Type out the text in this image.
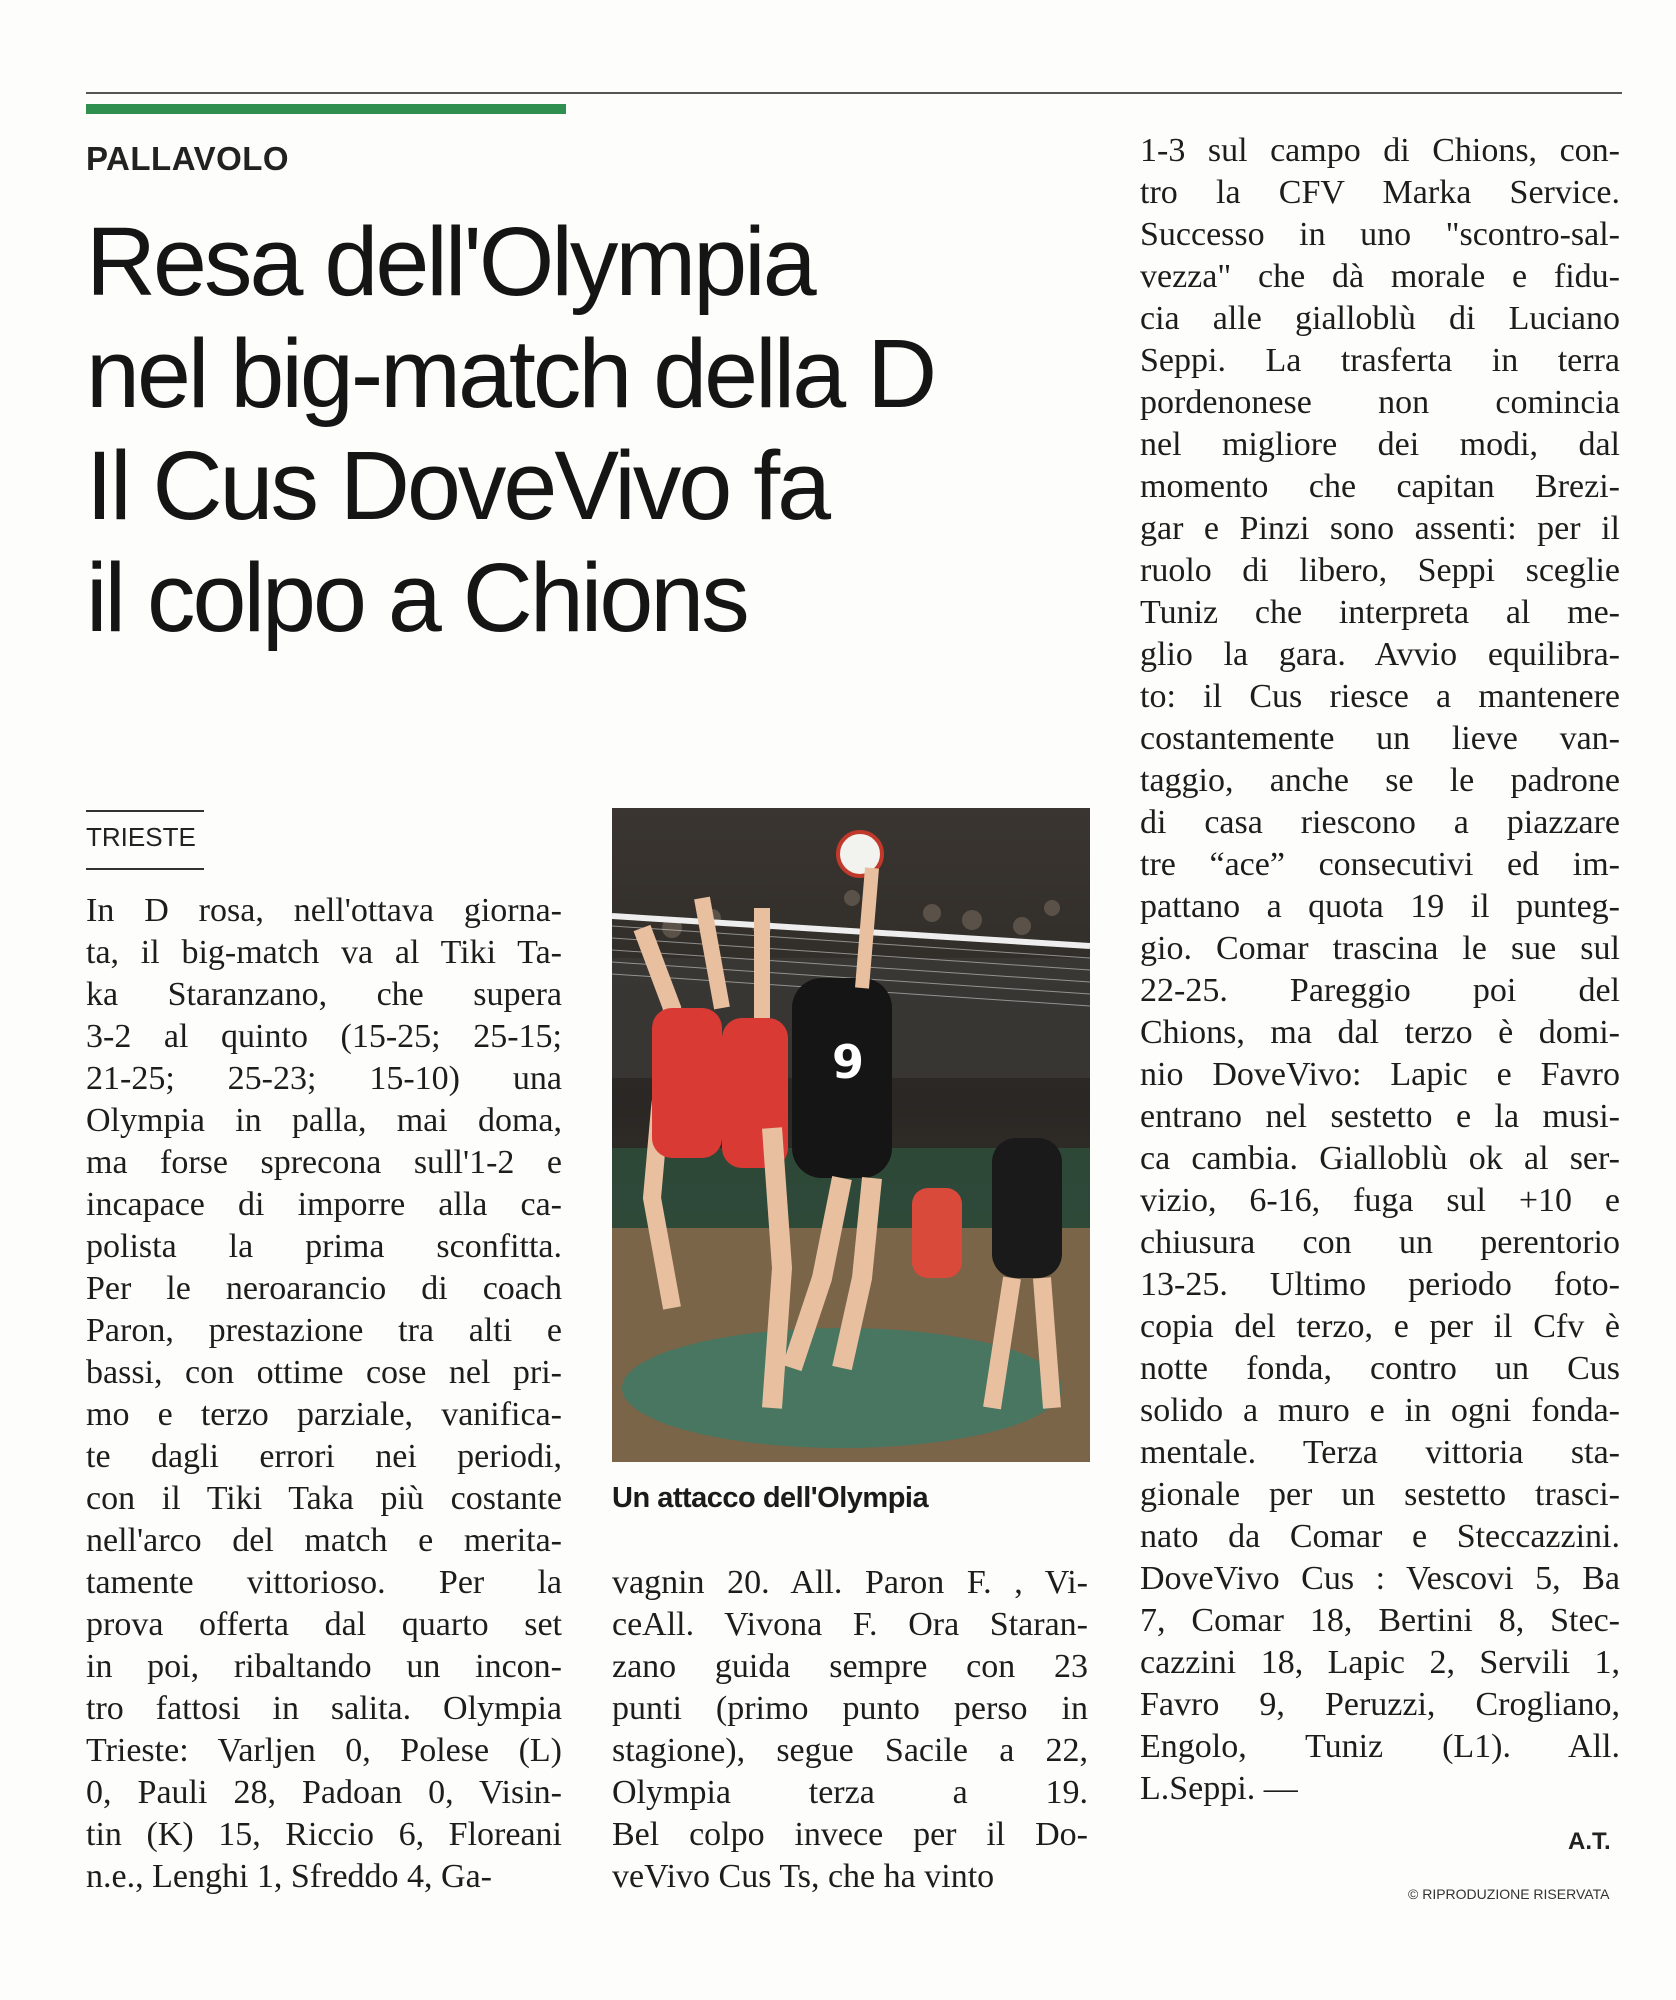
PALLAVOLO
Resa dell'Olympia
nel big-match della D
Il Cus DoveVivo fa
il colpo a Chions
TRIESTE
In D rosa, nell'ottava giorna-
ta, il big-match va al Tiki Ta-
ka Staranzano, che supera
3-2 al quinto (15-25; 25-15;
21-25; 25-23; 15-10) una
Olympia in palla, mai doma,
ma forse sprecona sull'1-2 e
incapace di imporre alla ca-
polista la prima sconfitta.
Per le neroarancio di coach
Paron, prestazione tra alti e
bassi, con ottime cose nel pri-
mo e terzo parziale, vanifica-
te dagli errori nei periodi,
con il Tiki Taka più costante
nell'arco del match e merita-
tamente vittorioso. Per la
prova offerta dal quarto set
in poi, ribaltando un incon-
tro fattosi in salita. Olympia
Trieste: Varljen 0, Polese (L)
0, Pauli 28, Padoan 0, Visin-
tin (K) 15, Riccio 6, Floreani
n.e., Lenghi 1, Sfreddo 4, Ga-
9
Un attacco dell'Olympia
vagnin 20. All. Paron F. , Vi-
ceAll. Vivona F. Ora Staran-
zano guida sempre con 23
punti (primo punto perso in
stagione), segue Sacile a 22,
Olympia terza a 19.
Bel colpo invece per il Do-
veVivo Cus Ts, che ha vinto
1-3 sul campo di Chions, con-
tro la CFV Marka Service.
Successo in uno "scontro-sal-
vezza" che dà morale e fidu-
cia alle gialloblù di Luciano
Seppi. La trasferta in terra
pordenonese non comincia
nel migliore dei modi, dal
momento che capitan Brezi-
gar e Pinzi sono assenti: per il
ruolo di libero, Seppi sceglie
Tuniz che interpreta al me-
glio la gara. Avvio equilibra-
to: il Cus riesce a mantenere
costantemente un lieve van-
taggio, anche se le padrone
di casa riescono a piazzare
tre “ace” consecutivi ed im-
pattano a quota 19 il punteg-
gio. Comar trascina le sue sul
22-25. Pareggio poi del
Chions, ma dal terzo è domi-
nio DoveVivo: Lapic e Favro
entrano nel sestetto e la musi-
ca cambia. Gialloblù ok al ser-
vizio, 6-16, fuga sul +10 e
chiusura con un perentorio
13-25. Ultimo periodo foto-
copia del terzo, e per il Cfv è
notte fonda, contro un Cus
solido a muro e in ogni fonda-
mentale. Terza vittoria sta-
gionale per un sestetto trasci-
nato da Comar e Steccazzini.
DoveVivo Cus : Vescovi 5, Ba
7, Comar 18, Bertini 8, Stec-
cazzini 18, Lapic 2, Servili 1,
Favro 9, Peruzzi, Crogliano,
Engolo, Tuniz (L1). All.
L.Seppi. —
A.T.
© RIPRODUZIONE RISERVATA
